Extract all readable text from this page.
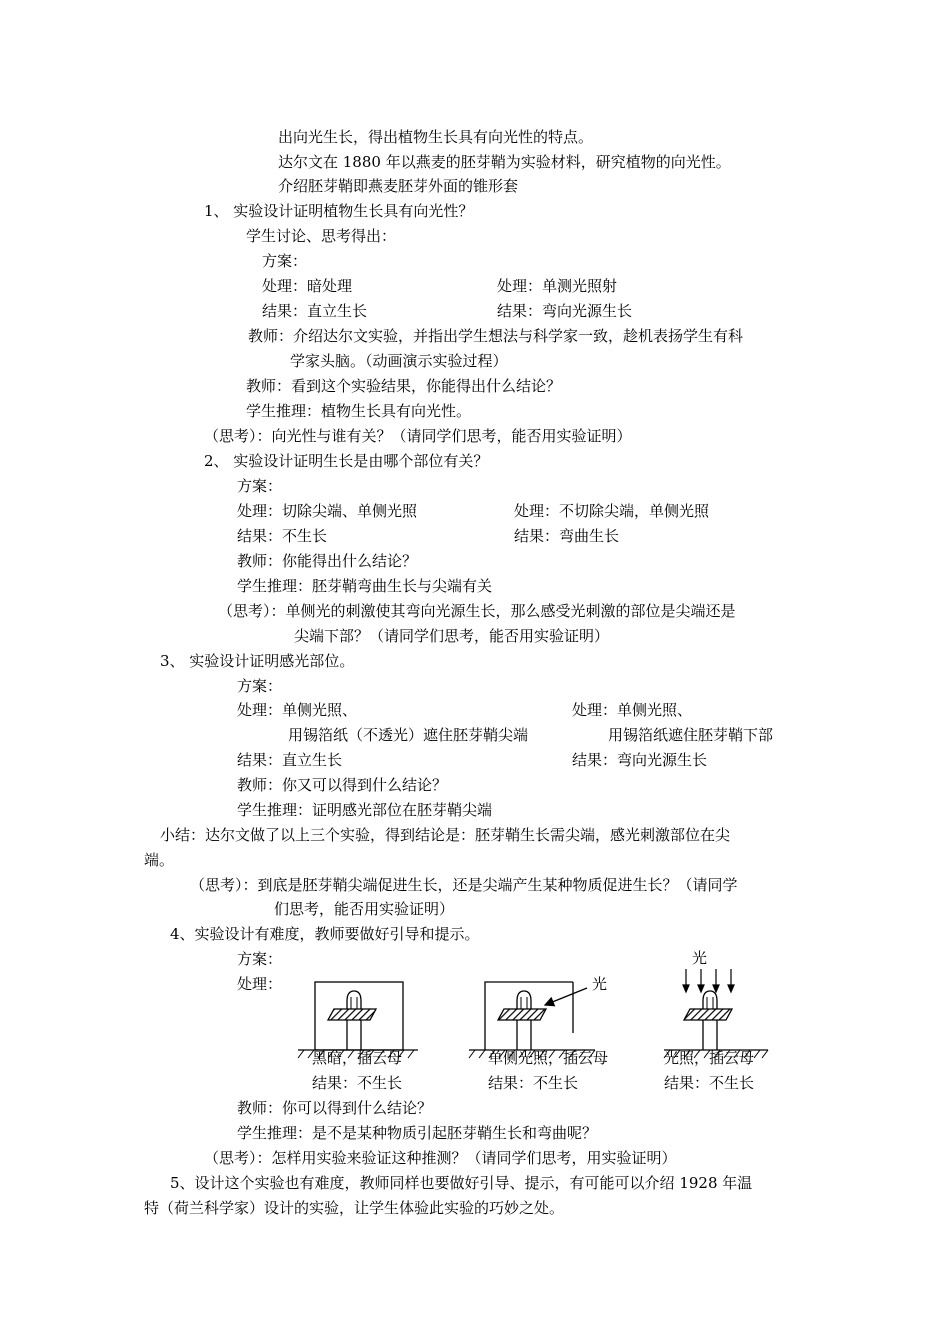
出向光生长，得出植物生长具有向光性的特点。
达尔文在 1880 年以燕麦的胚芽鞘为实验材料，研究植物的向光性。
介绍胚芽鞘即燕麦胚芽外面的锥形套
1、 实验设计证明植物生长具有向光性？
学生讨论、思考得出：
方案：
处理：暗处理	处理：单测光照射
结果：直立生长	结果：弯向光源生长
教师：介绍达尔文实验，并指出学生想法与科学家一致，趁机表扬学生有科
学家头脑。（动画演示实验过程）
教师：看到这个实验结果，你能得出什么结论？
学生推理：植物生长具有向光性。
（思考）：向光性与谁有关？（请同学们思考，能否用实验证明）
2、 实验设计证明生长是由哪个部位有关？
方案：
处理：切除尖端、单侧光照	处理：不切除尖端，单侧光照
结果：不生长	结果：弯曲生长
教师：你能得出什么结论？
学生推理：胚芽鞘弯曲生长与尖端有关
（思考）：单侧光的刺激使其弯向光源生长，那么感受光刺激的部位是尖端还是
尖端下部？（请同学们思考，能否用实验证明）
3、 实验设计证明感光部位。
方案：
处理：单侧光照、	处理：单侧光照、
用锡箔纸（不透光）遮住胚芽鞘尖端	用锡箔纸遮住胚芽鞘下部
结果：直立生长	结果：弯向光源生长
教师：你又可以得到什么结论？
学生推理：证明感光部位在胚芽鞘尖端
小结：达尔文做了以上三个实验，得到结论是：胚芽鞘生长需尖端，感光刺激部位在尖
端。
（思考）：到底是胚芽鞘尖端促进生长，还是尖端产生某种物质促进生长？（请同学
们思考，能否用实验证明）
4、实验设计有难度，教师要做好引导和提示。
方案：
处理：	光
光
黑暗，插云母	单侧光照，插云母	光照，插云母
结果：不生长	结果：不生长	结果：不生长
教师：你可以得到什么结论？
学生推理：是不是某种物质引起胚芽鞘生长和弯曲呢？
（思考）：怎样用实验来验证这种推测？（请同学们思考，用实验证明）
5、设计这个实验也有难度，教师同样也要做好引导、提示，有可能可以介绍 1928 年温
特（荷兰科学家）设计的实验，让学生体验此实验的巧妙之处。
